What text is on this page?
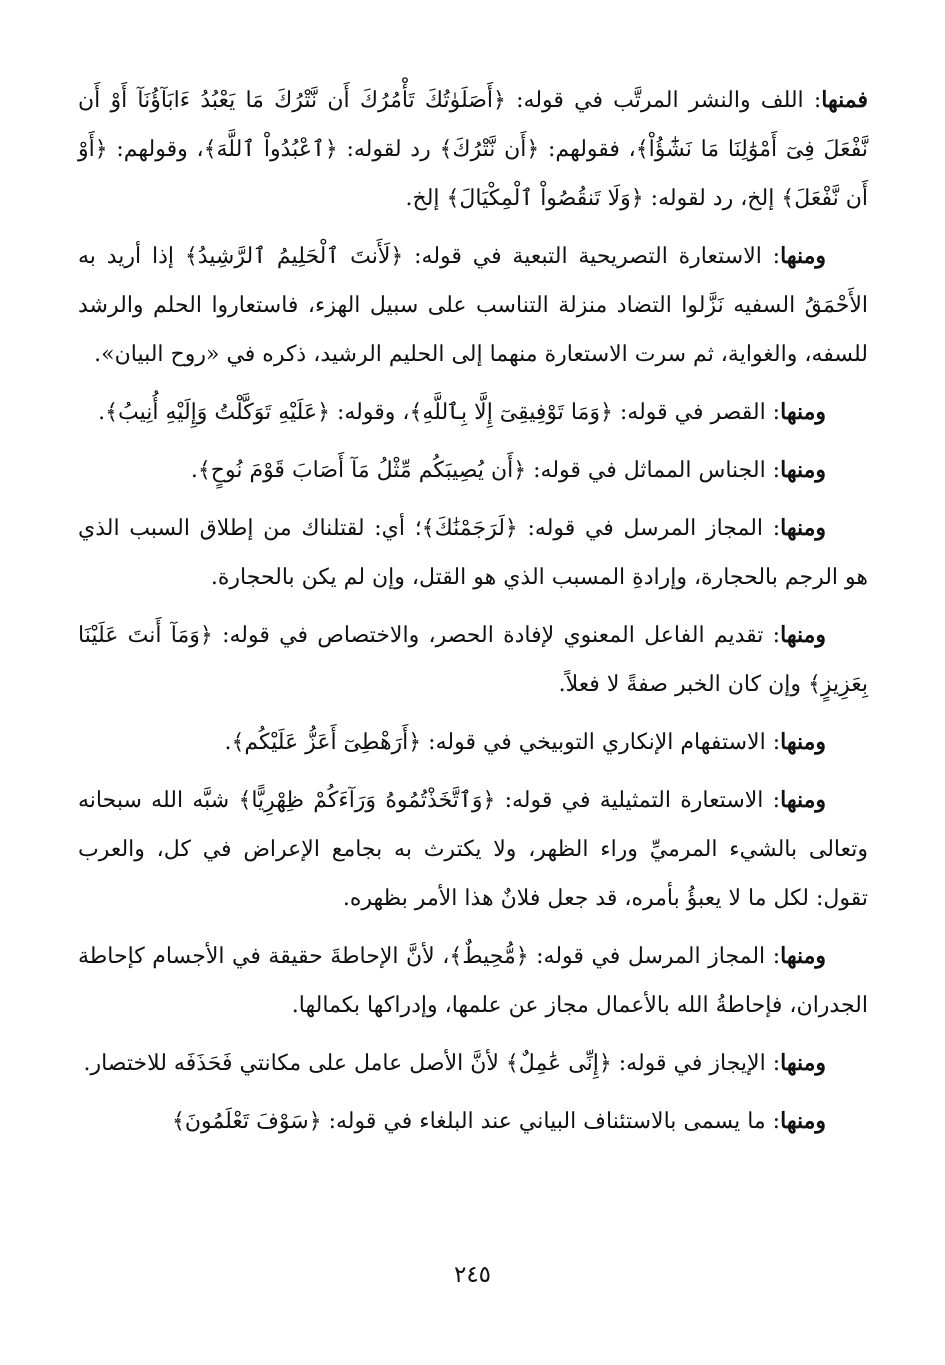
فمنها: اللف والنشر المرتَّب في قوله: ﴿أَصَلَوٰتُكَ تَأْمُرُكَ أَن نَّتْرُكَ مَا يَعْبُدُ ءَابَآؤُنَآ أَوْ أَن نَّفْعَلَ فِىٓ أَمْوَٰلِنَا مَا نَشَٰٓؤُاْ﴾، فقولهم: ﴿أَن نَّتْرُكَ﴾ رد لقوله: ﴿ٱعْبُدُواْ ٱللَّهَ﴾، وقولهم: ﴿أَوْ أَن نَّفْعَلَ﴾ إلخ، رد لقوله: ﴿وَلَا تَنقُصُواْ ٱلْمِكْيَالَ﴾ إلخ.

ومنها: الاستعارة التصريحية التبعية في قوله: ﴿لَأَنتَ ٱلْحَلِيمُ ٱلرَّشِيدُ﴾ إذا أريد به الأَحْمَقُ السفيه نَزَّلوا التضاد منزلة التناسب على سبيل الهزء، فاستعاروا الحلم والرشد للسفه، والغواية، ثم سرت الاستعارة منهما إلى الحليم الرشيد، ذكره في «روح البيان».

ومنها: القصر في قوله: ﴿وَمَا تَوْفِيقِىٓ إِلَّا بِٱللَّهِ﴾، وقوله: ﴿عَلَيْهِ تَوَكَّلْتُ وَإِلَيْهِ أُنِيبُ﴾.

ومنها: الجناس المماثل في قوله: ﴿أَن يُصِيبَكُم مِّثْلُ مَآ أَصَابَ قَوْمَ نُوحٍ﴾.

ومنها: المجاز المرسل في قوله: ﴿لَرَجَمْنَٰكَ﴾؛ أي: لقتلناك من إطلاق السبب الذي هو الرجم بالحجارة، وإرادةِ المسبب الذي هو القتل، وإن لم يكن بالحجارة.

ومنها: تقديم الفاعل المعنوي لإفادة الحصر، والاختصاص في قوله: ﴿وَمَآ أَنتَ عَلَيْنَا بِعَزِيزٍ﴾ وإن كان الخبر صفةً لا فعلاً.

ومنها: الاستفهام الإنكاري التوبيخي في قوله: ﴿أَرَهْطِىٓ أَعَزُّ عَلَيْكُم﴾.

ومنها: الاستعارة التمثيلية في قوله: ﴿وَٱتَّخَذْتُمُوهُ وَرَآءَكُمْ ظِهْرِيًّا﴾ شبَّه الله سبحانه وتعالى بالشيء المرميِّ وراء الظهر، ولا يكترث به بجامع الإعراض في كل، والعرب تقول: لكل ما لا يعبؤُ بأمره، قد جعل فلانٌ هذا الأمر بظهره.

ومنها: المجاز المرسل في قوله: ﴿مُّحِيطٌ﴾، لأنَّ الإحاطةَ حقيقة في الأجسام كإحاطة الجدران، فإحاطةُ الله بالأعمال مجاز عن علمها، وإدراكها بكمالها.

ومنها: الإيجاز في قوله: ﴿إِنِّى عَٰمِلٌ﴾ لأنَّ الأصل عامل على مكانتي فَحَذَفَه للاختصار.

ومنها: ما يسمى بالاستئناف البياني عند البلغاء في قوله: ﴿سَوْفَ تَعْلَمُونَ﴾

٢٤٥
